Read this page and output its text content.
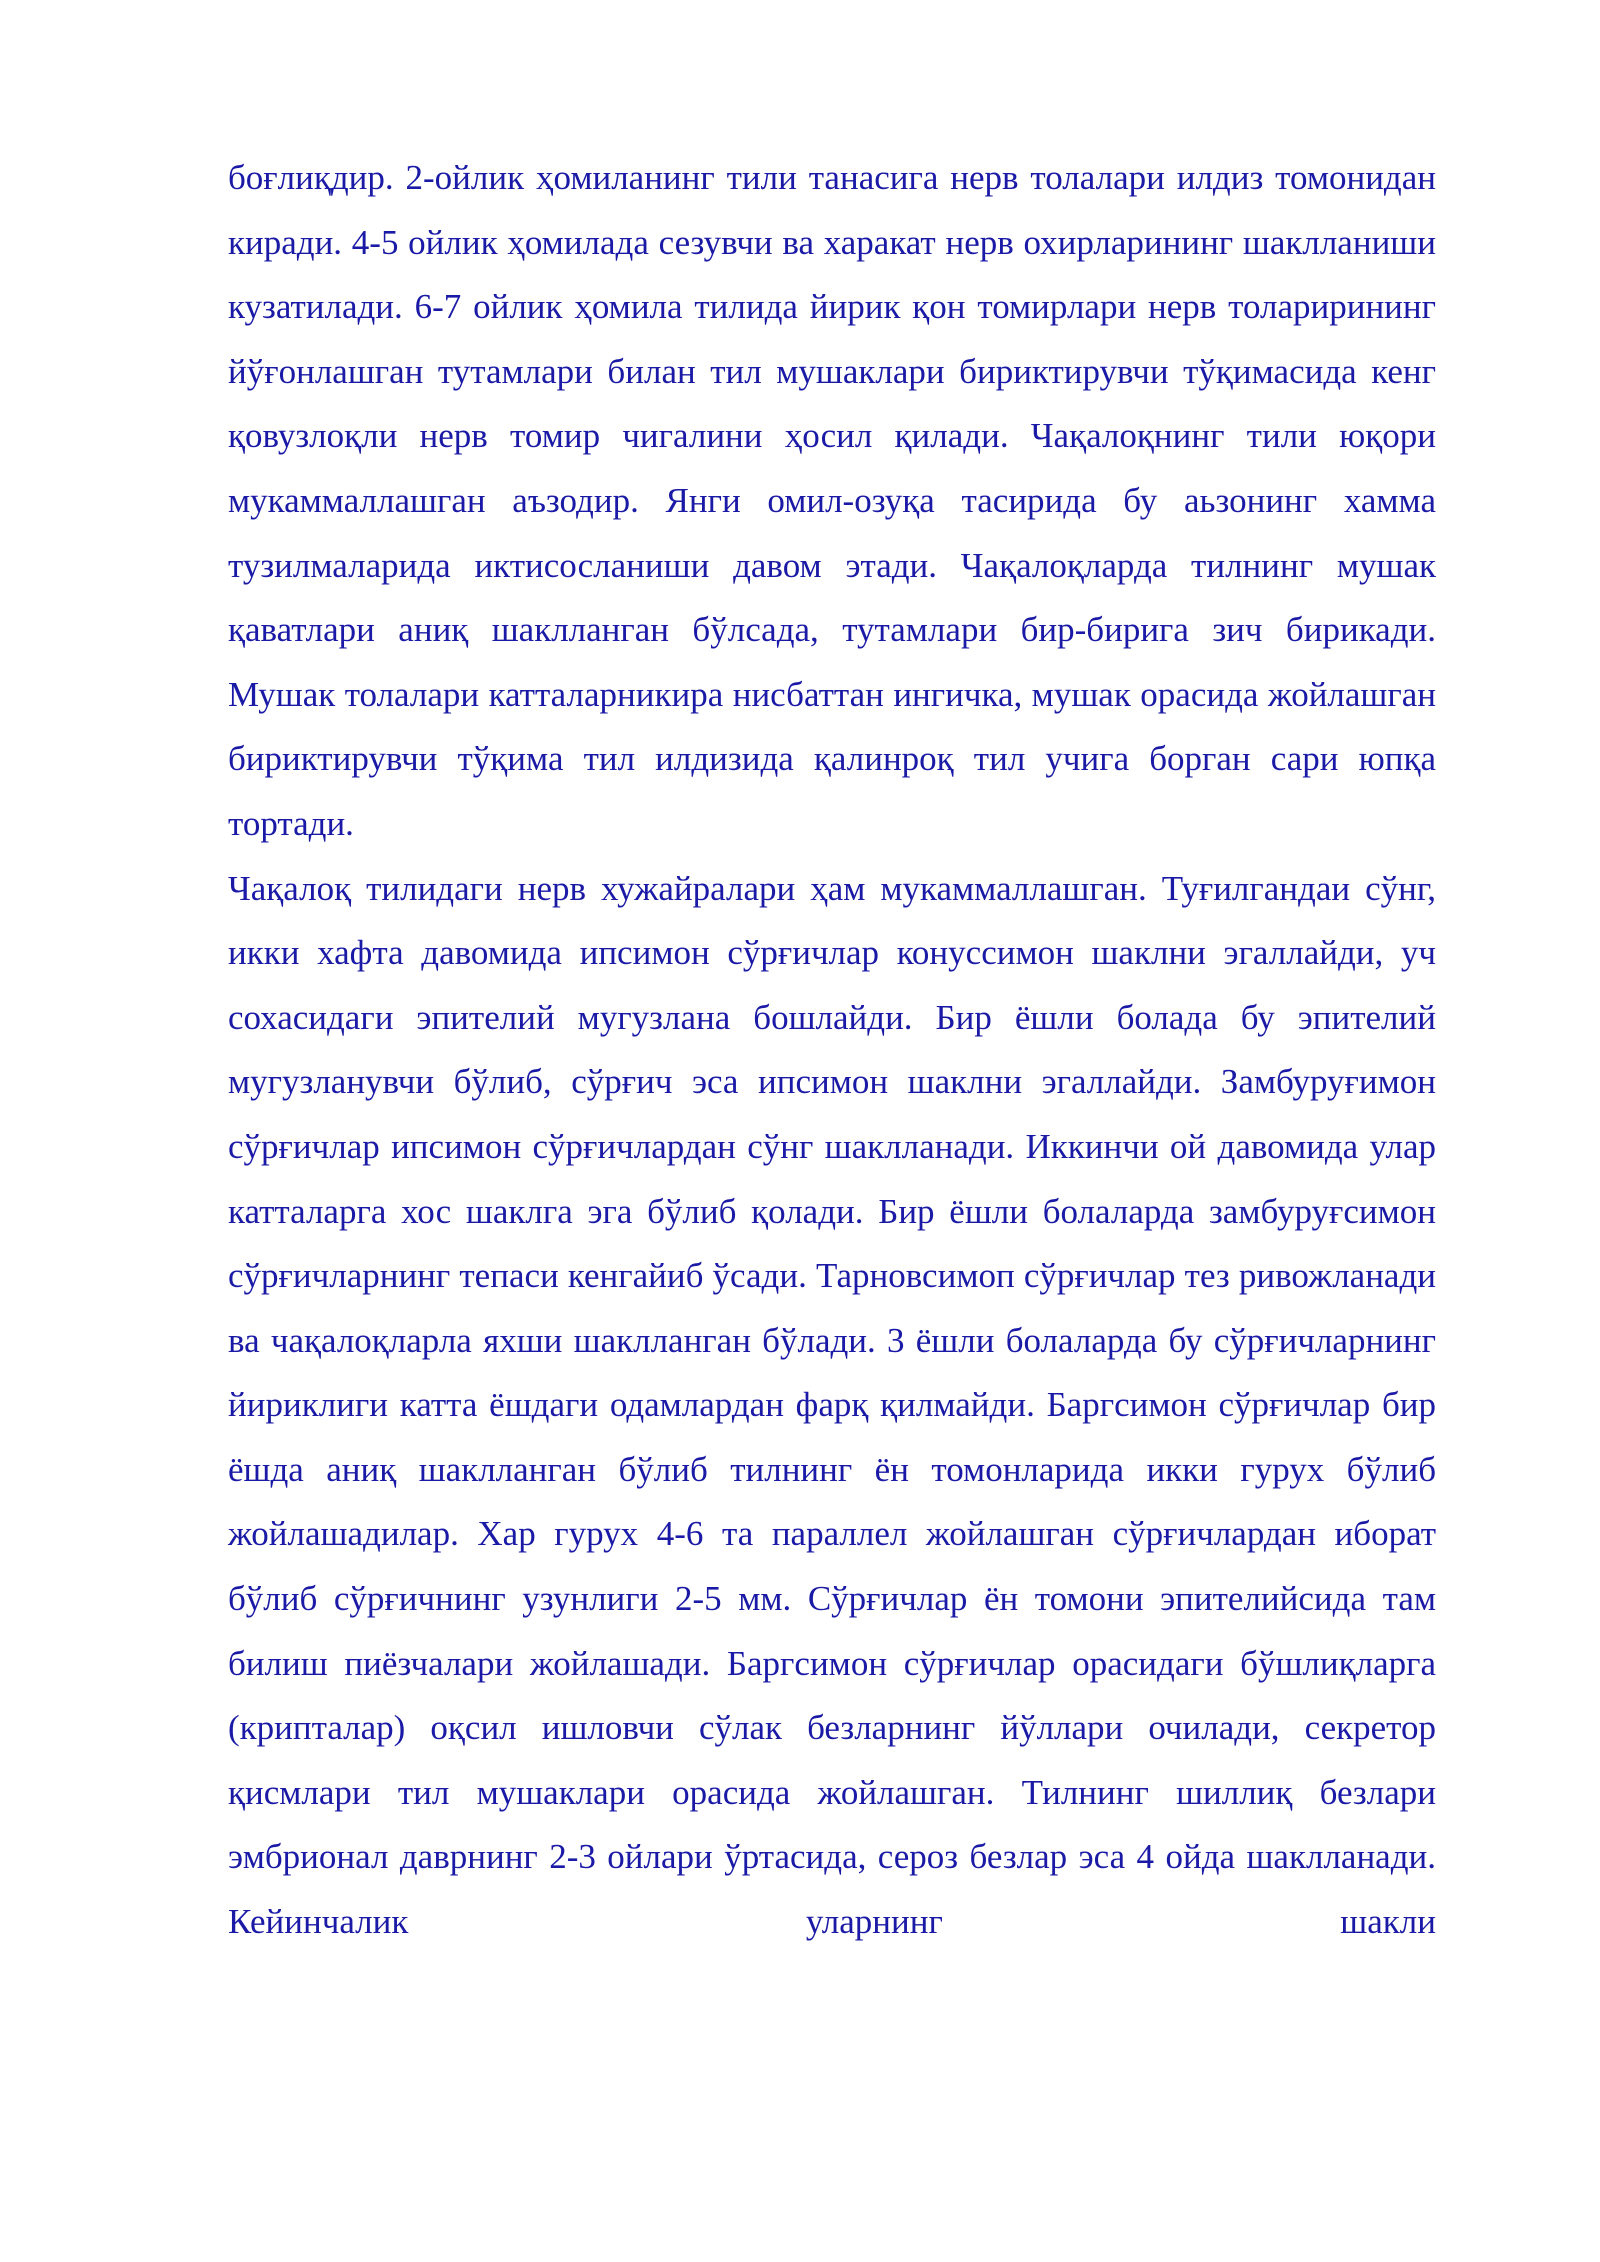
боғлиқдир. 2-ойлик ҳомиланинг тили танасига нерв толалари илдиз томонидан киради. 4-5 ойлик ҳомилада сезувчи ва харакат нерв охирларининг шаклланиши кузатилади. 6-7 ойлик ҳомила тилида йирик қон томирлари нерв толарирининг йўғонлашган тутамлари билан тил мушаклари бириктирувчи тўқимасида кенг қовузлоқли нерв томир чигалини ҳосил қилади. Чақалоқнинг тили юқори мукаммаллашган аъзодир. Янги омил-озуқа тасирида бу аьзонинг хамма тузилмаларида иктисосланиши давом этади. Чақалоқларда тилнинг мушак қаватлари аниқ шаклланган бўлсада, тутамлари бир-бирига зич бирикади. Мушак толалари катталарникира нисбаттан ингичка, мушак орасида жойлашган бириктирувчи тўқима тил илдизида қалинроқ тил учига борган сари юпқа тортади.

Чақалоқ тилидаги нерв хужайралари ҳам мукаммаллашган. Туғилгандаи сўнг, икки хафта давомида ипсимон сўрғичлар конуссимон шаклни эгаллайди, уч сохасидаги эпителий мугузлана бошлайди. Бир ёшли болада бу эпителий мугузланувчи бўлиб, сўрғич эса ипсимон шаклни эгаллайди. Замбуруғимон сўрғичлар ипсимон сўрғичлардан сўнг шаклланади. Иккинчи ой давомида улар катталарга хос шаклга эга бўлиб қолади. Бир ёшли болаларда замбуруғсимон сўрғичларнинг тепаси кенгайиб ўсади. Тарновсимоп сўрғичлар тез ривожланади ва чақалоқларла яхши шаклланган бўлади. 3 ёшли болаларда бу сўрғичларнинг йириклиги катта ёшдаги одамлардан фарқ қилмайди. Баргсимон сўрғичлар бир ёшда аниқ шаклланган бўлиб тилнинг ён томонларида икки гурух бўлиб жойлашадилар. Хар гурух 4-6 та параллел жойлашган сўрғичлардан иборат бўлиб сўрғичнинг узунлиги 2-5 мм. Сўрғичлар ён томони эпителийсида там билиш пиёзчалари жойлашади. Баргсимон сўрғичлар орасидаги бўшлиқларга (крипталар) оқсил ишловчи сўлак безларнинг йўллари очилади, секретор қисмлари тил мушаклари орасида жойлашган. Тилнинг шиллиқ безлари эмбрионал даврнинг 2-3 ойлари ўртасида, сероз безлар эса 4 ойда шаклланади. Кейинчалик уларнинг шакли
